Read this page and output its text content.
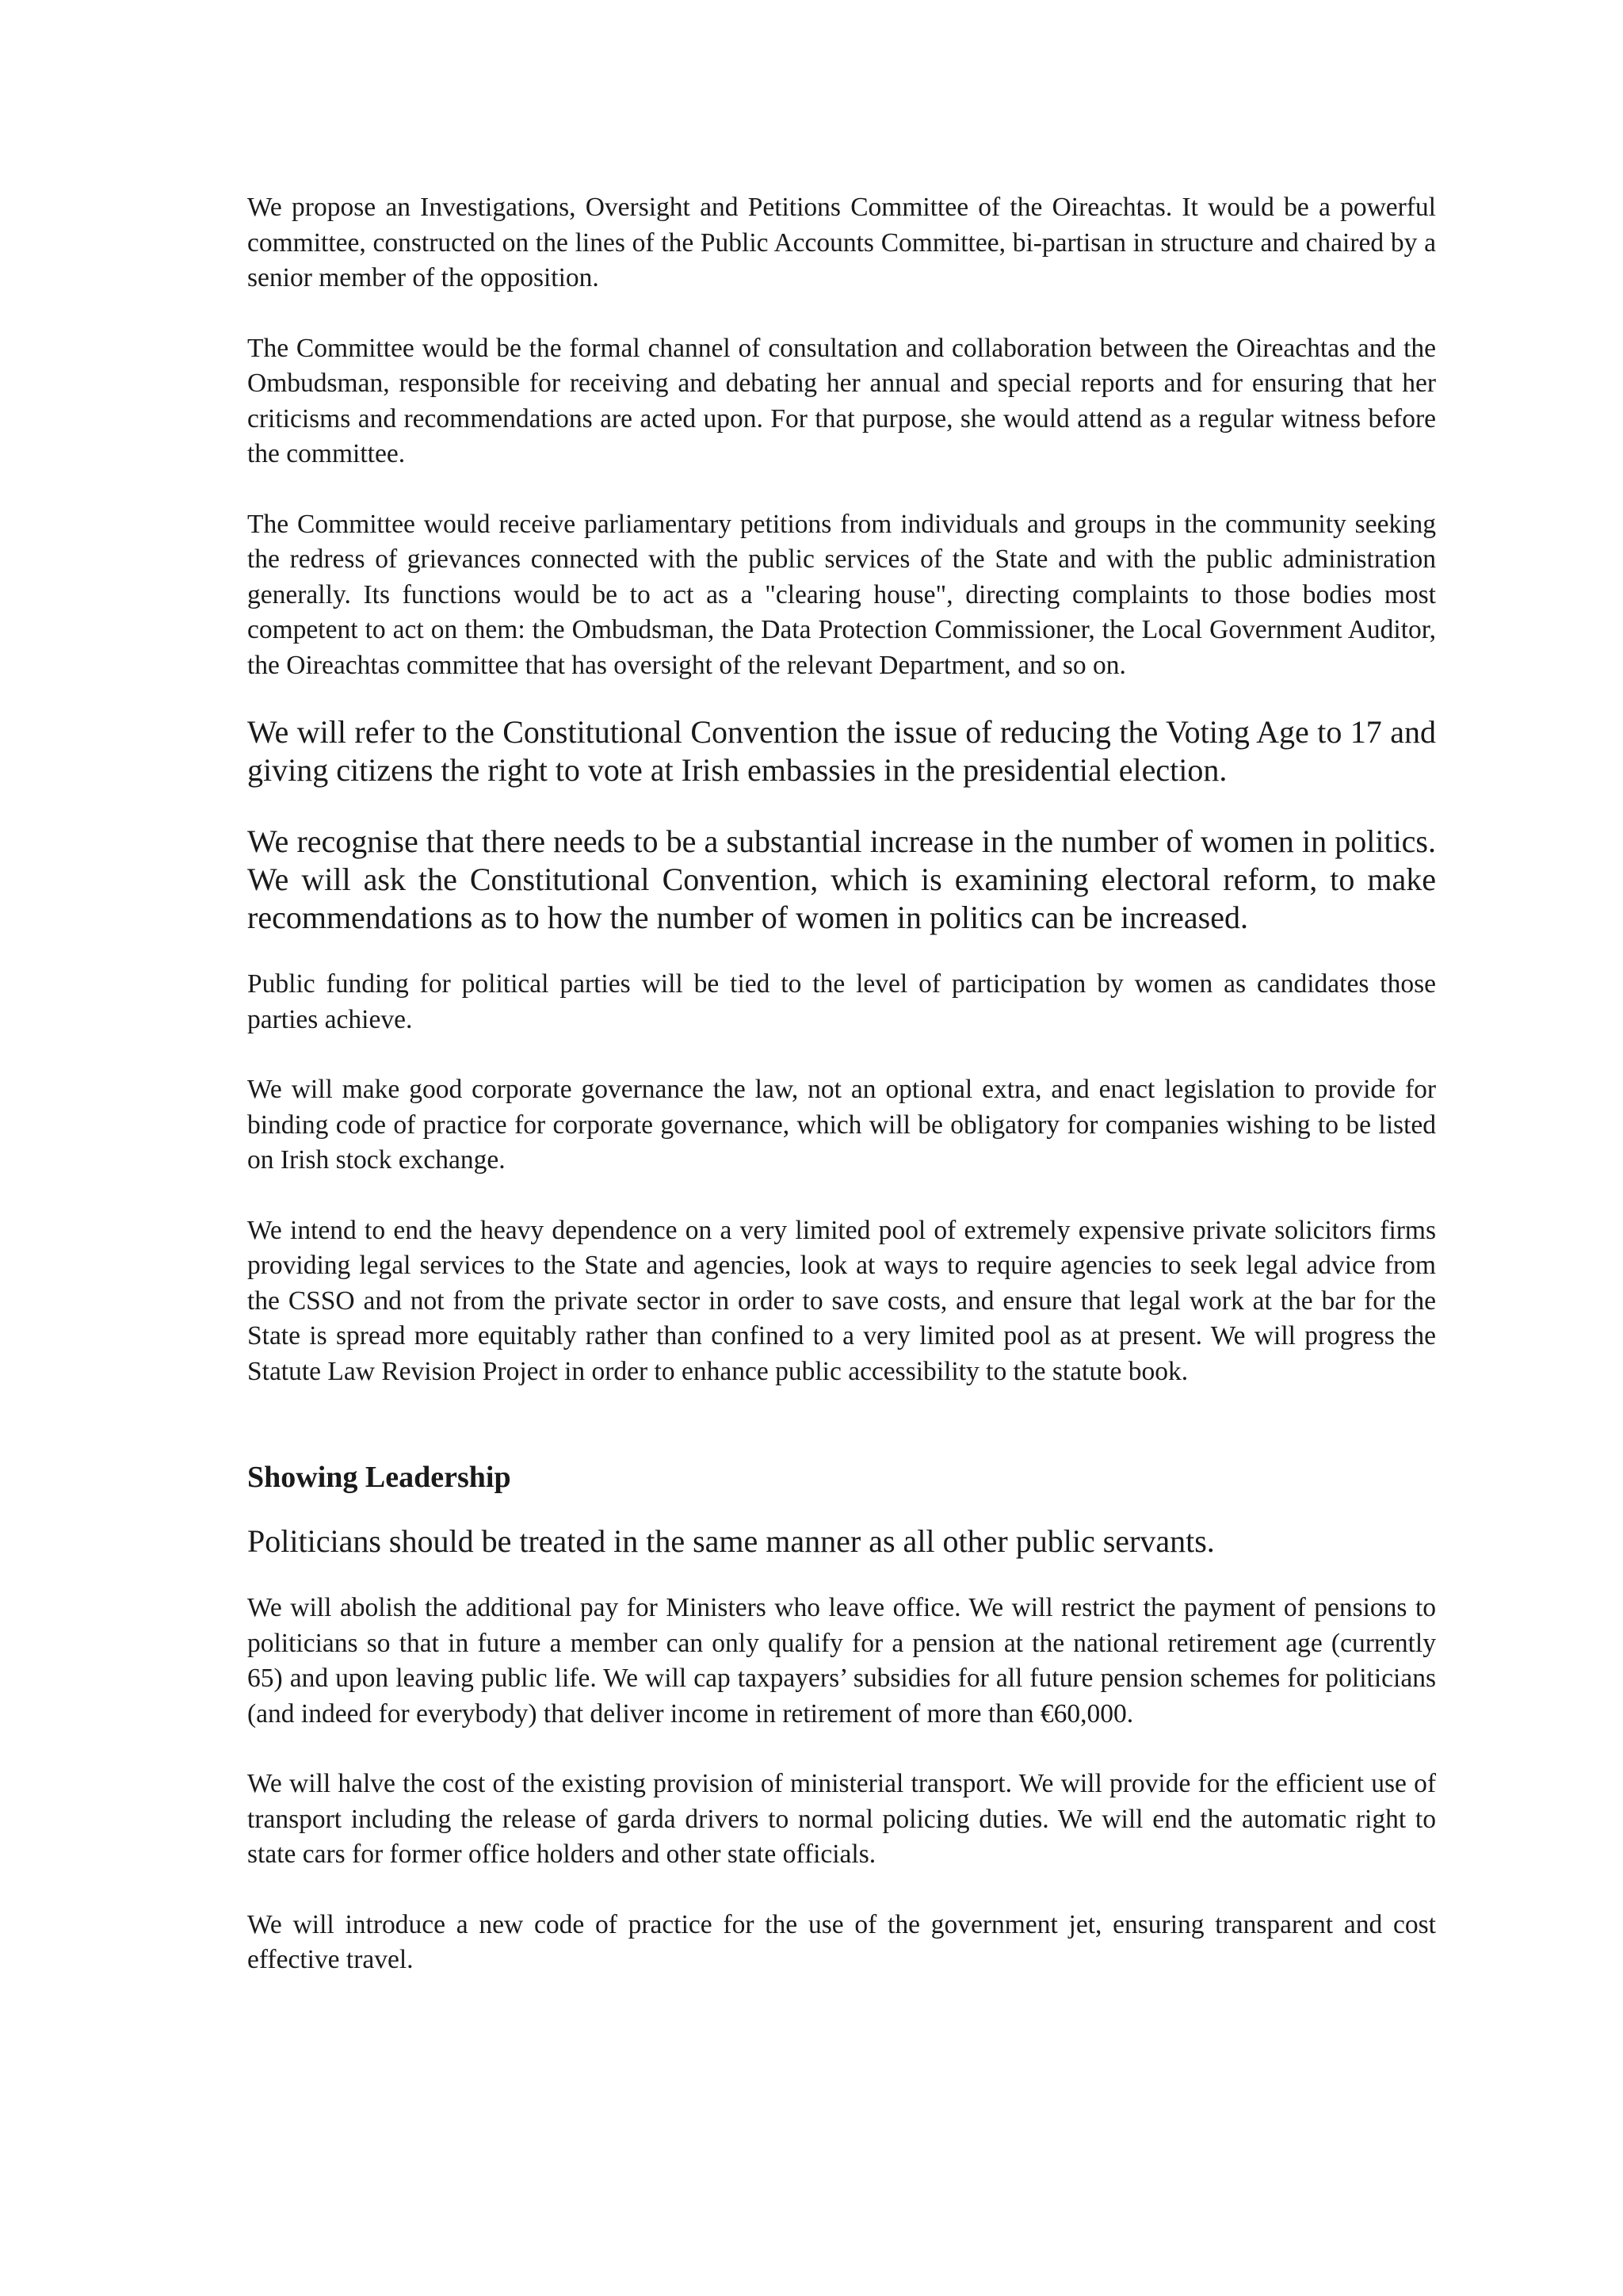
We propose an Investigations, Oversight and Petitions Committee of the Oireachtas. It would be a powerful committee, constructed on the lines of the Public Accounts Committee, bi-partisan in structure and chaired by a senior member of the opposition.

The Committee would be the formal channel of consultation and collaboration between the Oireachtas and the Ombudsman, responsible for receiving and debating her annual and special reports and for ensuring that her criticisms and recommendations are acted upon. For that purpose, she would attend as a regular witness before the committee.

The Committee would receive parliamentary petitions from individuals and groups in the community seeking the redress of grievances connected with the public services of the State and with the public administration generally. Its functions would be to act as a "clearing house", directing complaints to those bodies most competent to act on them: the Ombudsman, the Data Protection Commissioner, the Local Government Auditor, the Oireachtas committee that has oversight of the relevant Department, and so on.

We will refer to the Constitutional Convention the issue of reducing the Voting Age to 17 and giving citizens the right to vote at Irish embassies in the presidential election.

We recognise that there needs to be a substantial increase in the number of women in politics. We will ask the Constitutional Convention, which is examining electoral reform, to make recommendations as to how the number of women in politics can be increased.

Public funding for political parties will be tied to the level of participation by women as candidates those parties achieve.

We will make good corporate governance the law, not an optional extra, and enact legislation to provide for binding code of practice for corporate governance, which will be obligatory for companies wishing to be listed on Irish stock exchange.

We intend to end the heavy dependence on a very limited pool of extremely expensive private solicitors firms providing legal services to the State and agencies, look at ways to require agencies to seek legal advice from the CSSO and not from the private sector in order to save costs, and ensure that legal work at the bar for the State is spread more equitably rather than confined to a very limited pool as at present. We will progress the Statute Law Revision Project in order to enhance public accessibility to the statute book.

Showing Leadership

Politicians should be treated in the same manner as all other public servants.

We will abolish the additional pay for Ministers who leave office. We will restrict the payment of pensions to politicians so that in future a member can only qualify for a pension at the national retirement age (currently 65) and upon leaving public life. We will cap taxpayers’ subsidies for all future pension schemes for politicians (and indeed for everybody) that deliver income in retirement of more than €60,000.

We will halve the cost of the existing provision of ministerial transport. We will provide for the efficient use of transport including the release of garda drivers to normal policing duties. We will end the automatic right to state cars for former office holders and other state officials.

We will introduce a new code of practice for the use of the government jet, ensuring transparent and cost effective travel.
